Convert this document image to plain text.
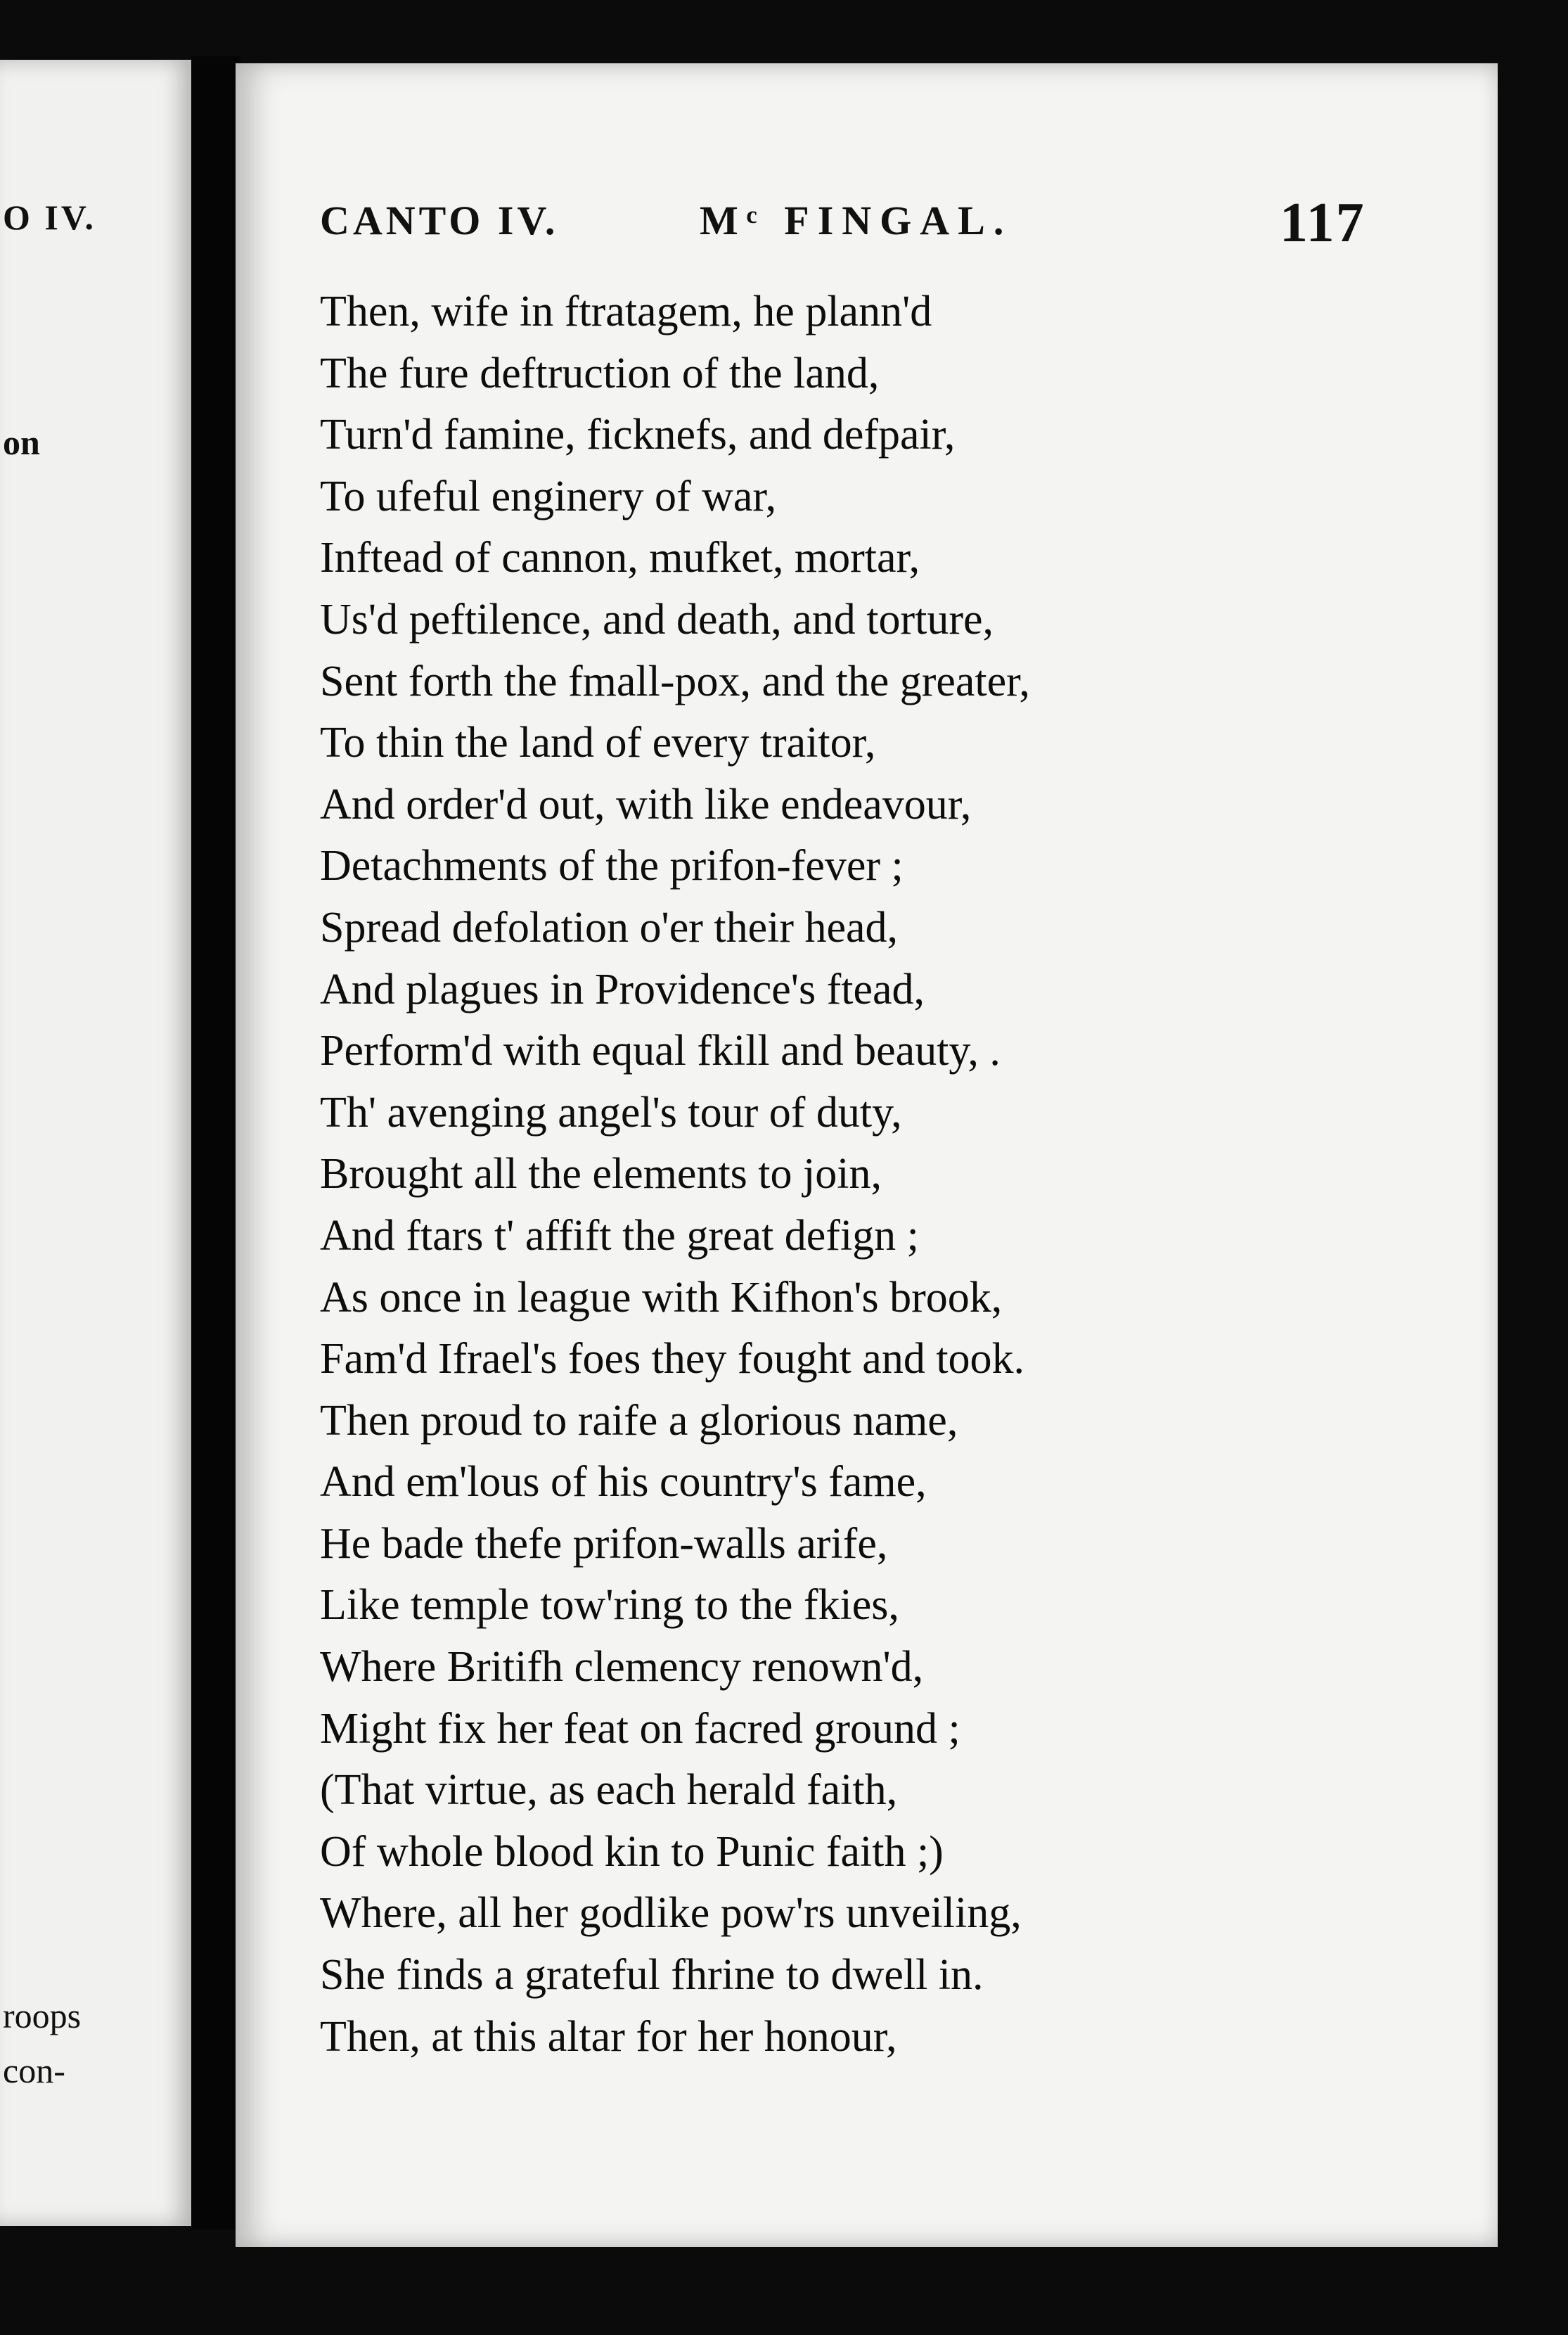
O IV.
on
roops
con-
CANTO IV.	Mᶜ FINGAL.	117
Then, wife in ftratagem, he plann'd
The fure deftruction of the land,
Turn'd famine, ficknefs, and defpair,
To ufeful enginery of war,
Inftead of cannon, mufket, mortar,
Us'd peftilence, and death, and torture,
Sent forth the fmall-pox, and the greater,
To thin the land of every traitor,
And order'd out, with like endeavour,
Detachments of the prifon-fever ;
Spread defolation o'er their head,
And plagues in Providence's ftead,
Perform'd with equal fkill and beauty, .
Th' avenging angel's tour of duty,
Brought all the elements to join,
And ftars t' affift the great defign ;
As once in league with Kifhon's brook,
Fam'd Ifrael's foes they fought and took.
Then proud to raife a glorious name,
And em'lous of his country's fame,
He bade thefe prifon-walls arife,
Like temple tow'ring to the fkies,
Where Britifh clemency renown'd,
Might fix her feat on facred ground ;
(That virtue, as each herald faith,
Of whole blood kin to Punic faith ;)
Where, all her godlike pow'rs unveiling,
She finds a grateful fhrine to dwell in.
Then, at this altar for her honour,
